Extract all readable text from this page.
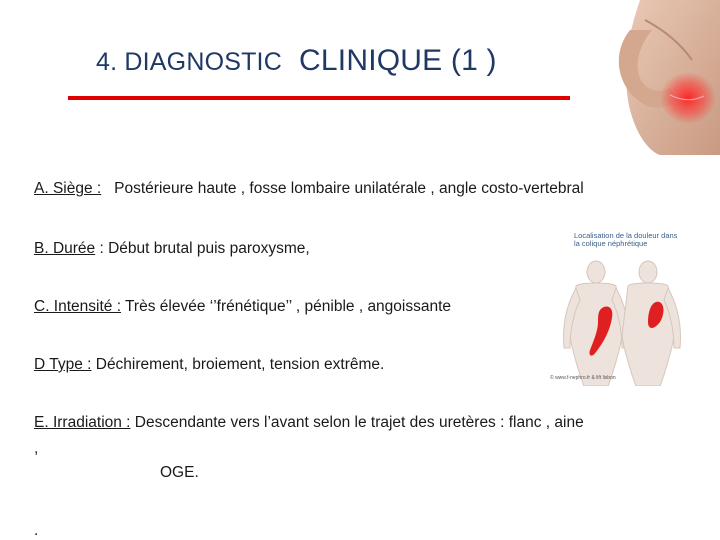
4. DIAGNOSTIC CLINIQUE (1 )
Localisation de la douleur dans la colique néphrétique
© www.f-nephro.fr & lift lisbon
A. Siège : Postérieure haute , fosse lombaire unilatérale , angle costo-vertebral
B. Durée : Début brutal puis paroxysme,
C. Intensité : Très élevée ‘’frénétique’’ , pénible , angoissante
D Type : Déchirement, broiement, tension extrême.
E. Irradiation : Descendante vers l’avant selon le trajet des uretères : flanc , aine
,
OGE.
.
